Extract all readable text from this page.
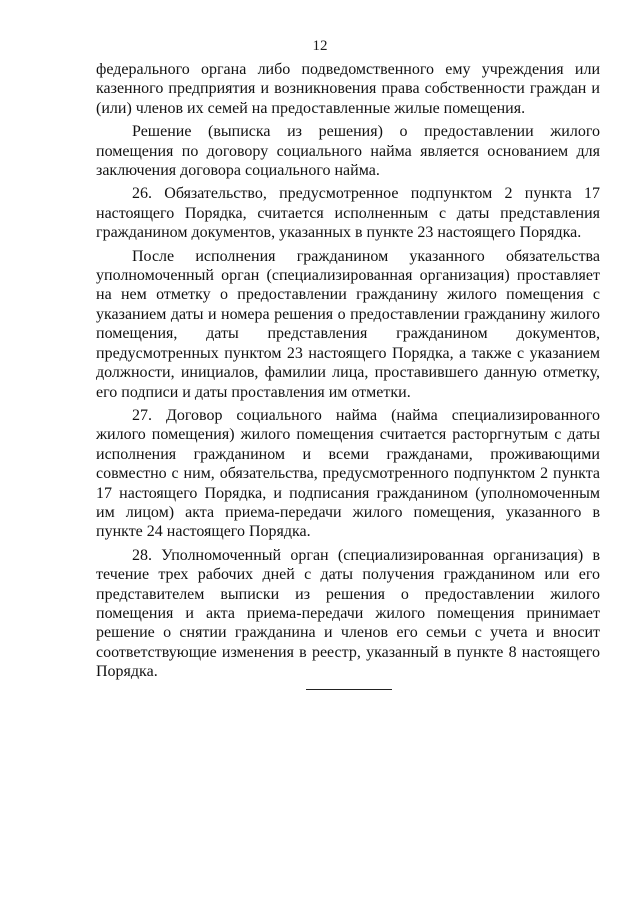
12

федерального органа либо подведомственного ему учреждения или казенного предприятия и возникновения права собственности граждан и (или) членов их семей на предоставленные жилые помещения.

Решение (выписка из решения) о предоставлении жилого помещения по договору социального найма является основанием для заключения договора социального найма.

26. Обязательство, предусмотренное подпунктом 2 пункта 17 настоящего Порядка, считается исполненным с даты представления гражданином документов, указанных в пункте 23 настоящего Порядка.

После исполнения гражданином указанного обязательства уполномоченный орган (специализированная организация) проставляет на нем отметку о предоставлении гражданину жилого помещения с указанием даты и номера решения о предоставлении гражданину жилого помещения, даты представления гражданином документов, предусмотренных пунктом 23 настоящего Порядка, а также с указанием должности, инициалов, фамилии лица, проставившего данную отметку, его подписи и даты проставления им отметки.

27. Договор социального найма (найма специализированного жилого помещения) жилого помещения считается расторгнутым с даты исполнения гражданином и всеми гражданами, проживающими совместно с ним, обязательства, предусмотренного подпунктом 2 пункта 17 настоящего Порядка, и подписания гражданином (уполномоченным им лицом) акта приема-передачи жилого помещения, указанного в пункте 24 настоящего Порядка.

28. Уполномоченный орган (специализированная организация) в течение трех рабочих дней с даты получения гражданином или его представителем выписки из решения о предоставлении жилого помещения и акта приема-передачи жилого помещения принимает решение о снятии гражданина и членов его семьи с учета и вносит соответствующие изменения в реестр, указанный в пункте 8 настоящего Порядка.
